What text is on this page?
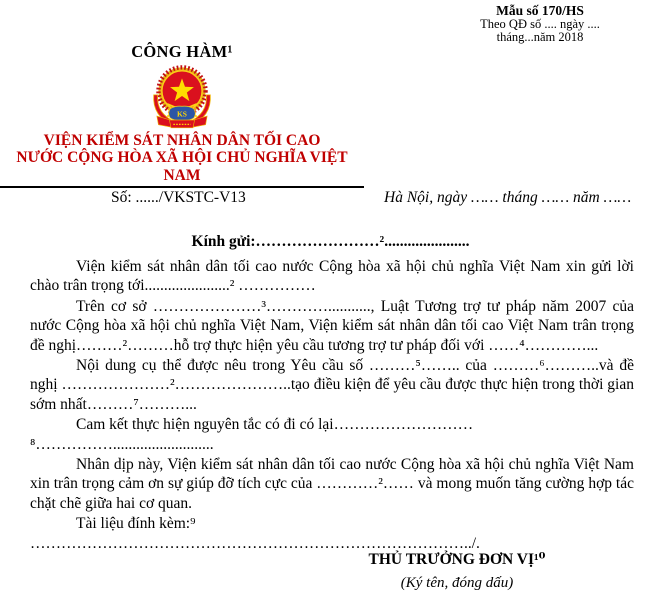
Mẫu số 170/HS
Theo QĐ số .... ngày ....
tháng...năm 2018
CÔNG HÀM¹
KS
VIỆN KIỂM SÁT NHÂN DÂN TỐI CAO
NƯỚC CỘNG HÒA XÃ HỘI CHỦ NGHĨA VIỆT NAM
Số: ....../VKSTC-V13	Hà Nội, ngày …… tháng …… năm ……
Kính gửi:……………………²......................

Viện kiểm sát nhân dân tối cao nước Cộng hòa xã hội chủ nghĩa Việt Nam xin gửi lời chào trân trọng tới......................² ……………

Trên cơ sở …………………³…………..........., Luật Tương trợ tư pháp năm 2007 của nước Cộng hòa xã hội chủ nghĩa Việt Nam, Viện kiểm sát nhân dân tối cao Việt Nam trân trọng đề nghị………²………hỗ trợ thực hiện yêu cầu tương trợ tư pháp đối với ……⁴…………...

Nội dung cụ thể được nêu trong Yêu cầu số ………⁵…….. của ………⁶………..và đề nghị …………………²…………………..tạo điều kiện để yêu cầu được thực hiện trong thời gian sớm nhất………⁷………...

Cam kết thực hiện nguyên tắc có đi có lại………………………⁸……………..........................

Nhân dịp này, Viện kiểm sát nhân dân tối cao nước Cộng hòa xã hội chủ nghĩa Việt Nam xin trân trọng cảm ơn sự giúp đỡ tích cực của …………²…… và mong muốn tăng cường hợp tác chặt chẽ giữa hai cơ quan.

Tài liệu đính kèm:⁹ …………………………………………………………………………../.

THỦ TRƯỞNG ĐƠN VỊ¹⁰
(Ký tên, đóng dấu)
